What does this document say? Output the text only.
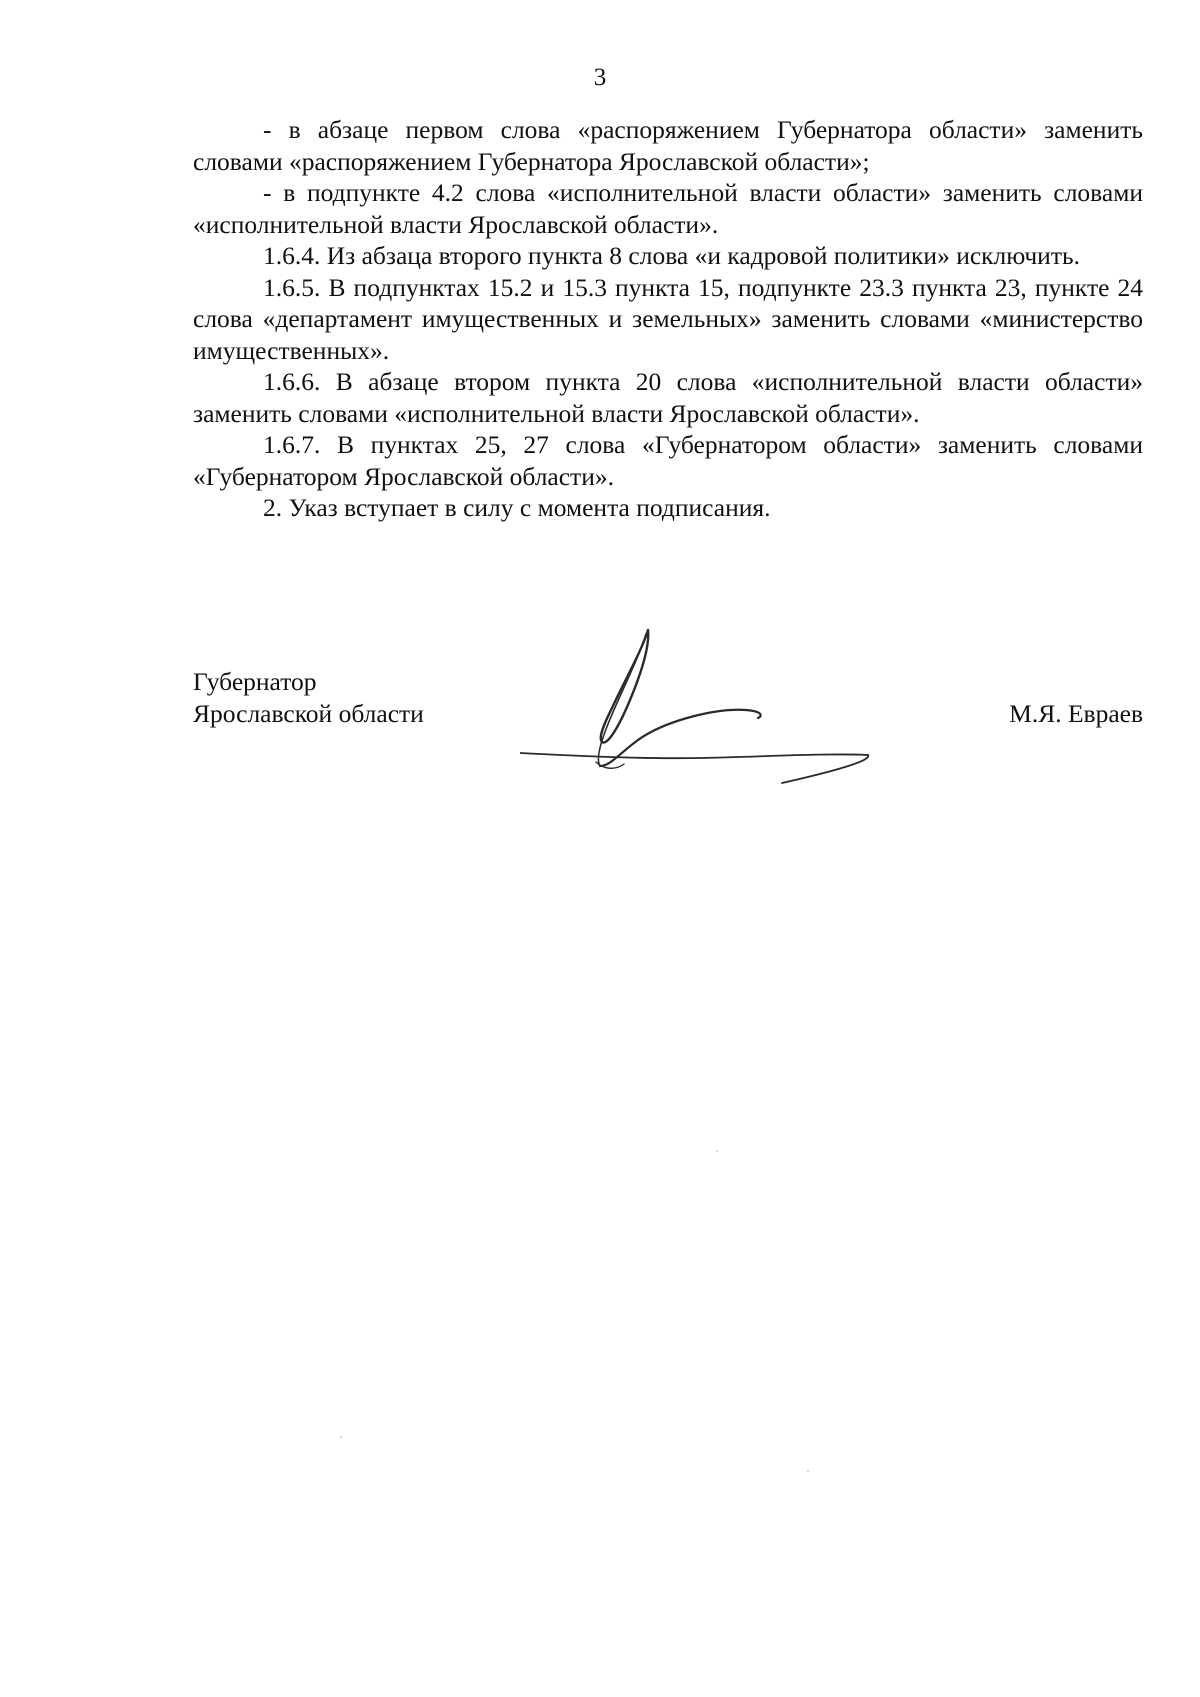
3

- в абзаце первом слова «распоряжением Губернатора области» заменить словами «распоряжением Губернатора Ярославской области»;

- в подпункте 4.2 слова «исполнительной власти области» заменить словами «исполнительной власти Ярославской области».

1.6.4. Из абзаца второго пункта 8 слова «и кадровой политики» исключить.

1.6.5. В подпунктах 15.2 и 15.3 пункта 15, подпункте 23.3 пункта 23, пункте 24 слова «департамент имущественных и земельных» заменить словами «министерство имущественных».

1.6.6. В абзаце втором пункта 20 слова «исполнительной власти области» заменить словами «исполнительной власти Ярославской области».

1.6.7. В пунктах 25, 27 слова «Губернатором области» заменить словами «Губернатором Ярославской области».

2. Указ вступает в силу с момента подписания.

Губернатор
Ярославской области	М.Я. Евраев
